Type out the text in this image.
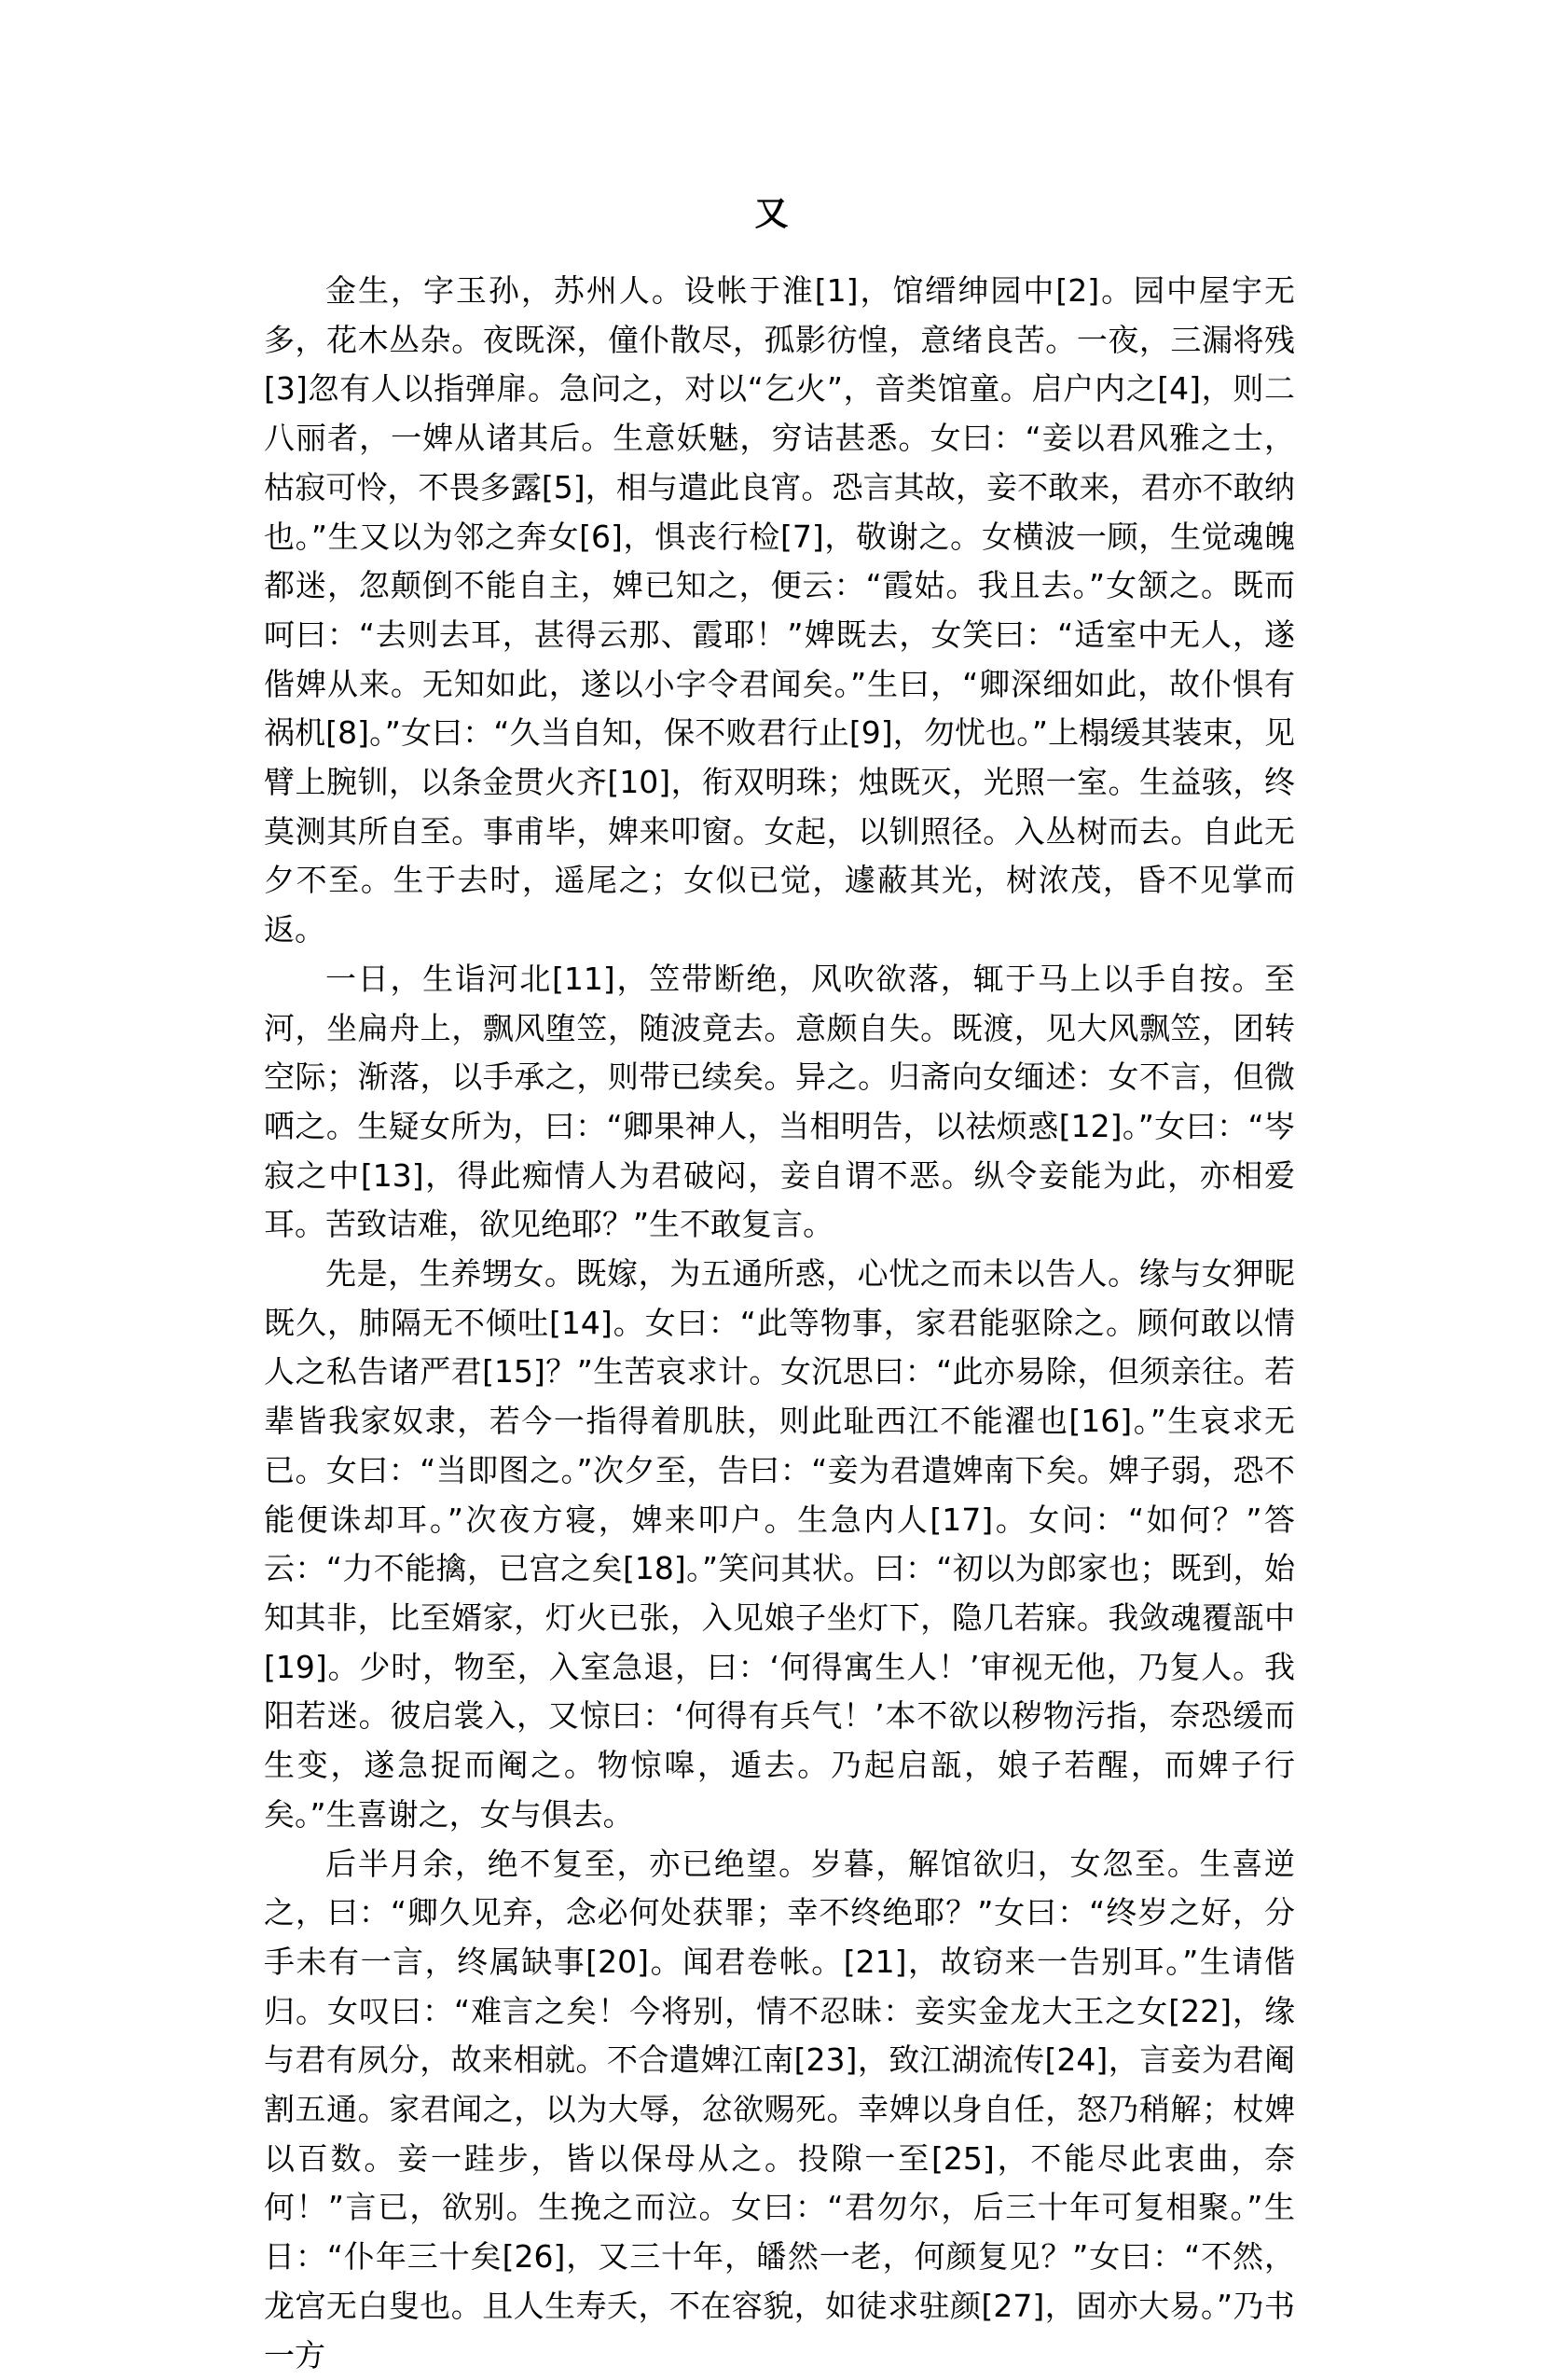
又

金生，字玉孙，苏州人。设帐于淮[1]，馆缙绅园中[2]。园中屋宇无多，花木丛杂。夜既深，僮仆散尽，孤影彷惶，意绪良苦。一夜，三漏将残[3]忽有人以指弹扉。急问之，对以“乞火”，音类馆童。启户内之[4]，则二八丽者，一婢从诸其后。生意妖魅，穷诘甚悉。女曰：“妾以君风雅之士，枯寂可怜，不畏多露[5]，相与遣此良宵。恐言其故，妾不敢来，君亦不敢纳也。”生又以为邻之奔女[6]，惧丧行检[7]，敬谢之。女横波一顾，生觉魂魄都迷，忽颠倒不能自主，婢已知之，便云：“霞姑。我且去。”女颔之。既而呵曰：“去则去耳，甚得云那、霞耶！”婢既去，女笑曰：“适室中无人，遂偕婢从来。无知如此，遂以小字令君闻矣。”生曰，“卿深细如此，故仆惧有祸机[8]。”女曰：“久当自知，保不败君行止[9]，勿忧也。”上榻缓其装束，见臂上腕钏，以条金贯火齐[10]，衔双明珠；烛既灭，光照一室。生益骇，终莫测其所自至。事甫毕，婢来叩窗。女起，以钏照径。入丛树而去。自此无夕不至。生于去时，遥尾之；女似已觉，遽蔽其光，树浓茂，昏不见掌而返。

一日，生诣河北[11]，笠带断绝，风吹欲落，辄于马上以手自按。至河，坐扁舟上，飘风堕笠，随波竟去。意颇自失。既渡，见大风飘笠，团转空际；渐落，以手承之，则带已续矣。异之。归斋向女缅述：女不言，但微哂之。生疑女所为，曰：“卿果神人，当相明告，以祛烦惑[12]。”女曰：“岑寂之中[13]，得此痴情人为君破闷，妾自谓不恶。纵令妾能为此，亦相爱耳。苦致诘难，欲见绝耶？”生不敢复言。

先是，生养甥女。既嫁，为五通所惑，心忧之而未以告人。缘与女狎昵既久，肺隔无不倾吐[14]。女曰：“此等物事，家君能驱除之。顾何敢以情人之私告诸严君[15]？”生苦哀求计。女沉思曰：“此亦易除，但须亲往。若辈皆我家奴隶，若今一指得着肌肤，则此耻西江不能濯也[16]。”生哀求无已。女曰：“当即图之。”次夕至，告曰：“妾为君遣婢南下矣。婢子弱，恐不能便诛却耳。”次夜方寝，婢来叩户。生急内人[17]。女问：“如何？”答云：“力不能擒，已宫之矣[18]。”笑问其状。曰：“初以为郎家也；既到，始知其非，比至婿家，灯火已张，入见娘子坐灯下，隐几若寐。我敛魂覆瓿中[19]。少时，物至，入室急退，曰：‘何得寓生人！’审视无他，乃复人。我阳若迷。彼启裳入，又惊曰：‘何得有兵气！’本不欲以秽物污指，奈恐缓而生变，遂急捉而阉之。物惊嗥，遁去。乃起启瓿，娘子若醒，而婢子行矣。”生喜谢之，女与俱去。

后半月余，绝不复至，亦已绝望。岁暮，解馆欲归，女忽至。生喜逆之，曰：“卿久见弃，念必何处获罪；幸不终绝耶？”女曰：“终岁之好，分手未有一言，终属缺事[20]。闻君卷帐。[21]，故窃来一告别耳。”生请偕归。女叹曰：“难言之矣！今将别，情不忍昧：妾实金龙大王之女[22]，缘与君有夙分，故来相就。不合遣婢江南[23]，致江湖流传[24]，言妾为君阉割五通。家君闻之，以为大辱，忿欲赐死。幸婢以身自任，怒乃稍解；杖婢以百数。妾一跬步，皆以保母从之。投隙一至[25]，不能尽此衷曲，奈何！”言已，欲别。生挽之而泣。女曰：“君勿尔，后三十年可复相聚。”生日：“仆年三十矣[26]，又三十年，皤然一老，何颜复见？”女曰：“不然，龙宫无白叟也。且人生寿夭，不在容貌，如徒求驻颜[27]，固亦大易。”乃书一方
